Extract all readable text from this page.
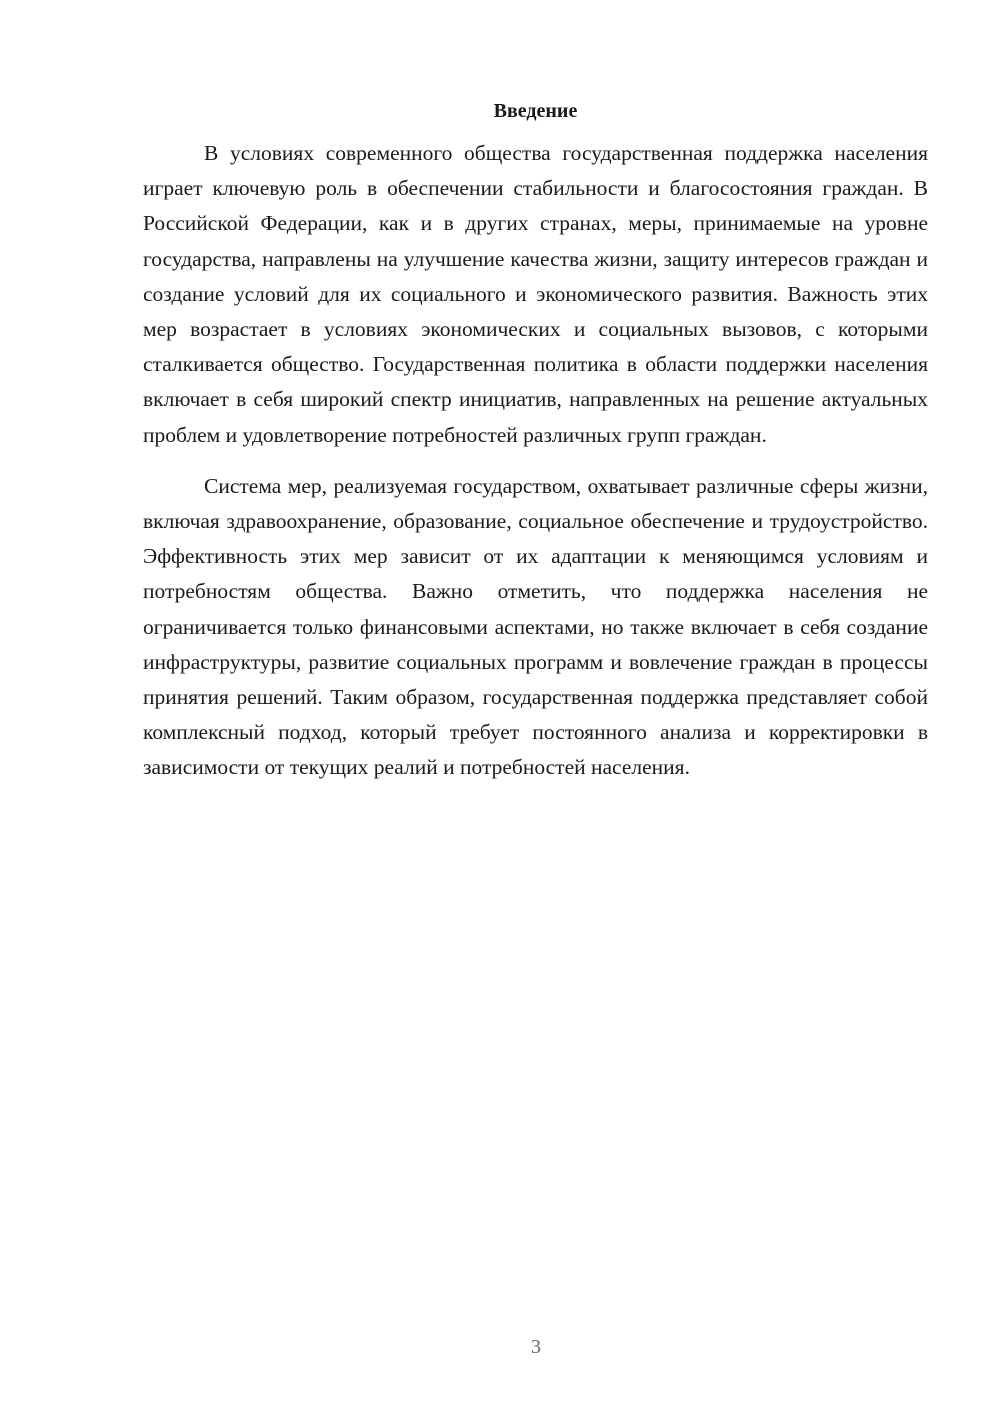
Введение

В условиях современного общества государственная поддержка населения играет ключевую роль в обеспечении стабильности и благосостояния граждан. В Российской Федерации, как и в других странах, меры, принимаемые на уровне государства, направлены на улучшение качества жизни, защиту интересов граждан и создание условий для их социального и экономического развития. Важность этих мер возрастает в условиях экономических и социальных вызовов, с которыми сталкивается общество. Государственная политика в области поддержки населения включает в себя широкий спектр инициатив, направленных на решение актуальных проблем и удовлетворение потребностей различных групп граждан.

Система мер, реализуемая государством, охватывает различные сферы жизни, включая здравоохранение, образование, социальное обеспечение и трудоустройство. Эффективность этих мер зависит от их адаптации к меняющимся условиям и потребностям общества. Важно отметить, что поддержка населения не ограничивается только финансовыми аспектами, но также включает в себя создание инфраструктуры, развитие социальных программ и вовлечение граждан в процессы принятия решений. Таким образом, государственная поддержка представляет собой комплексный подход, который требует постоянного анализа и корректировки в зависимости от текущих реалий и потребностей населения.

3
